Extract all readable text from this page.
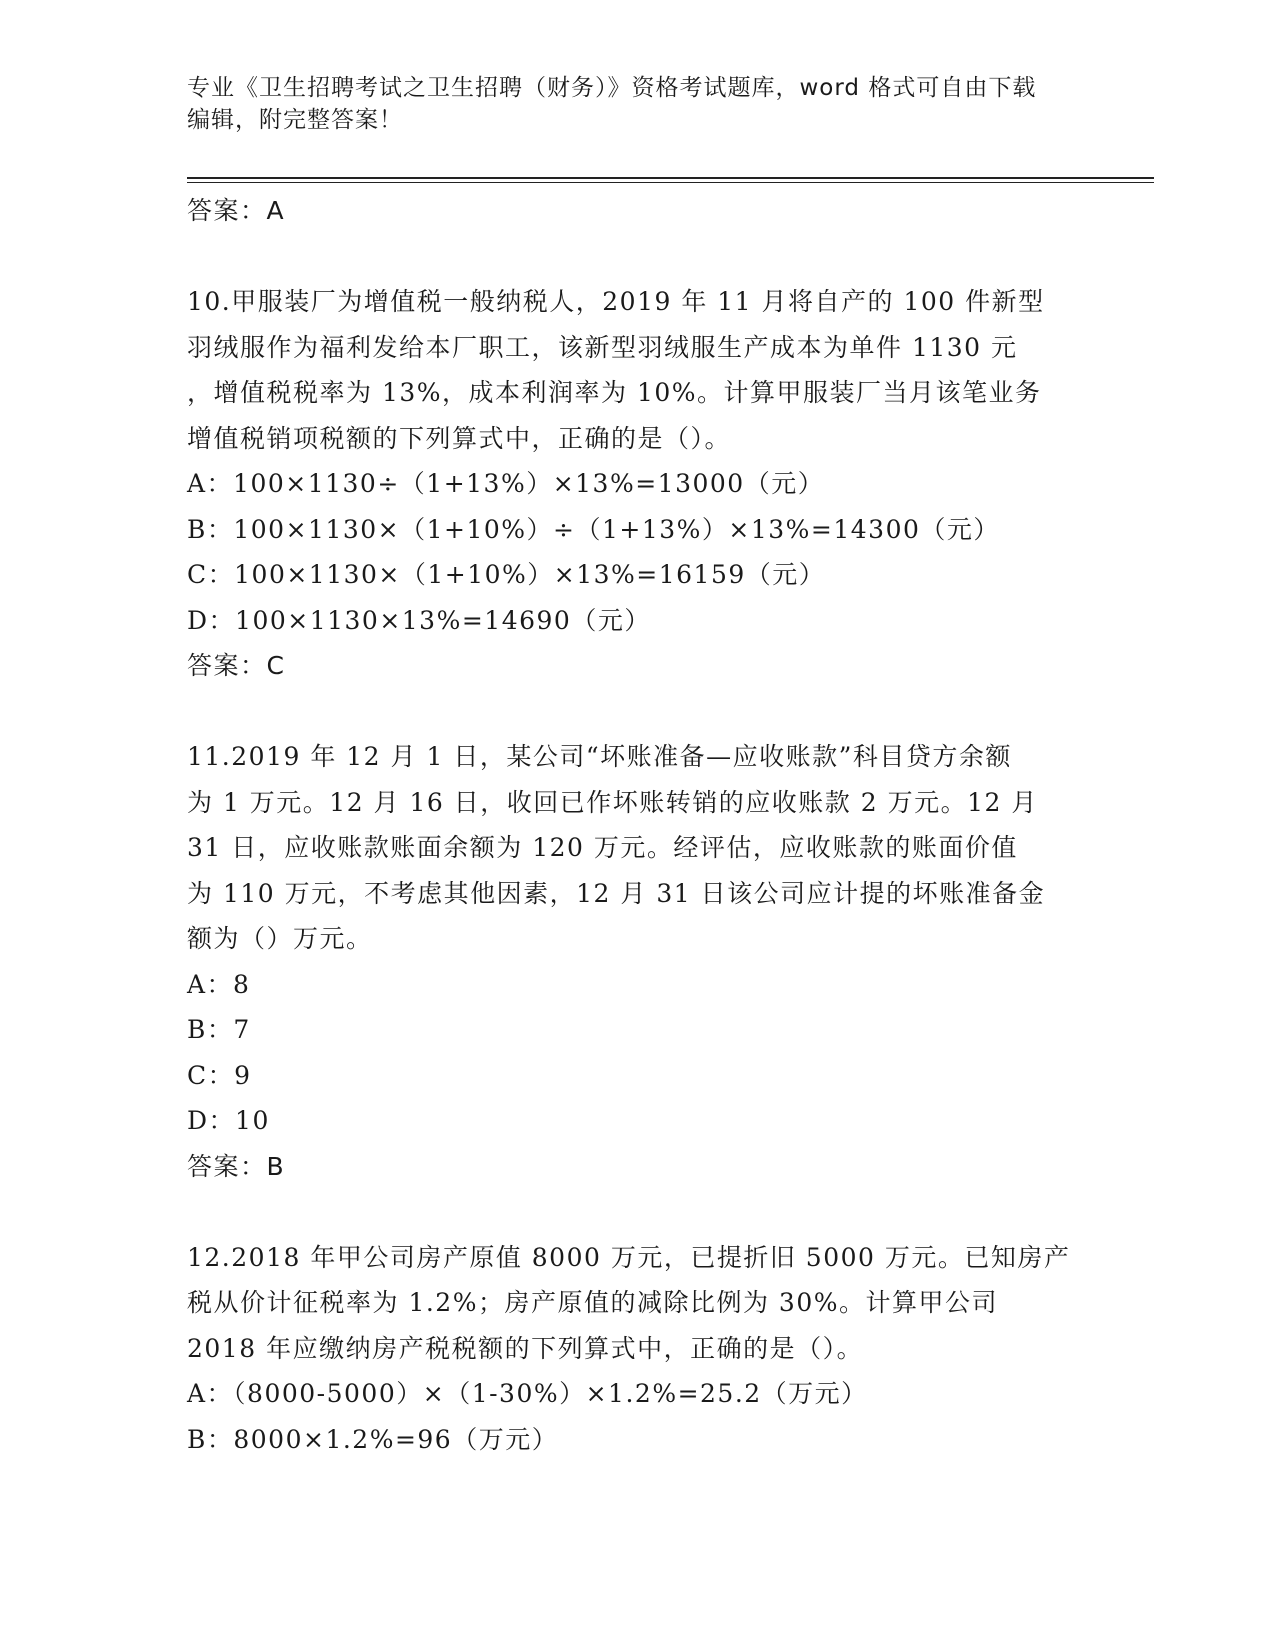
专业《卫生招聘考试之卫生招聘（财务）》资格考试题库，word 格式可自由下载
编辑，附完整答案！
答案：A
10.甲服装厂为增值税一般纳税人，2019 年 11 月将自产的 100 件新型
羽绒服作为福利发给本厂职工，该新型羽绒服生产成本为单件 1130 元
，增值税税率为 13%，成本利润率为 10%。计算甲服装厂当月该笔业务
增值税销项税额的下列算式中，正确的是（）。
A：100×1130÷（1+13%）×13%=13000（元）
B：100×1130×（1+10%）÷（1+13%）×13%=14300（元）
C：100×1130×（1+10%）×13%=16159（元）
D：100×1130×13%=14690（元）
答案：C
11.2019 年 12 月 1 日，某公司“坏账准备—应收账款”科目贷方余额
为 1 万元。12 月 16 日，收回已作坏账转销的应收账款 2 万元。12 月
31 日，应收账款账面余额为 120 万元。经评估，应收账款的账面价值
为 110 万元，不考虑其他因素，12 月 31 日该公司应计提的坏账准备金
额为（）万元。
A：8
B：7
C：9
D：10
答案：B
12.2018 年甲公司房产原值 8000 万元，已提折旧 5000 万元。已知房产
税从价计征税率为 1.2%；房产原值的减除比例为 30%。计算甲公司
2018 年应缴纳房产税税额的下列算式中，正确的是（）。
A：（8000-5000）×（1-30%）×1.2%=25.2（万元）
B：8000×1.2%=96（万元）
